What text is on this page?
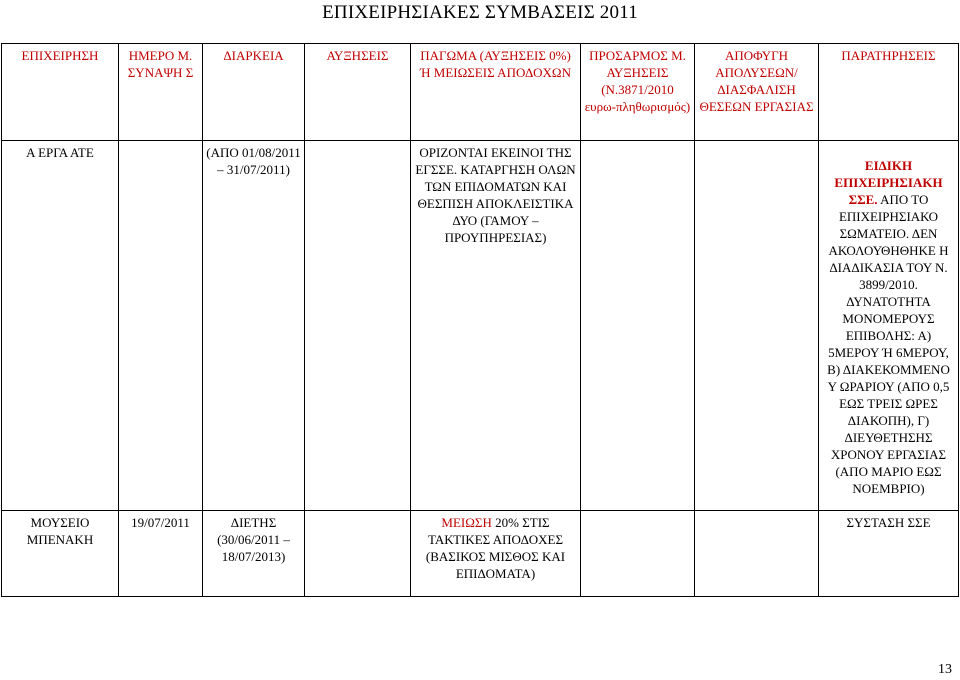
ΕΠΙΧΕΙΡΗΣΙΑΚΕΣ ΣΥΜΒΑΣΕΙΣ 2011
ΕΠΙΧΕΙΡΗΣΗ	ΗΜΕΡΟ Μ. ΣΥΝΑΨΗ Σ	ΔΙΑΡΚΕΙΑ	ΑΥΞΗΣΕΙΣ	ΠΑΓΩΜΑ (ΑΥΞΗΣΕΙΣ 0%) Ή ΜΕΙΩΣΕΙΣ ΑΠΟΔΟΧΩΝ	ΠΡΟΣΑΡΜΟΣ Μ. ΑΥΞΗΣΕΙΣ (Ν.3871/2010 ευρω-πληθωρισμός)	ΑΠΟΦΥΓΗ ΑΠΟΛΥΣΕΩΝ/ ΔΙΑΣΦΑΛΙΣΗ ΘΕΣΕΩΝ ΕΡΓΑΣΙΑΣ	ΠΑΡΑΤΗΡΗΣΕΙΣ
Α ΕΡΓΑ ΑΤΕ		(ΑΠΟ 01/08/2011 – 31/07/2011)		ΟΡΙΖΟΝΤΑΙ ΕΚΕΙΝΟΙ ΤΗΣ ΕΓΣΣΕ. ΚΑΤΑΡΓΗΣΗ ΟΛΩΝ ΤΩΝ ΕΠΙΔΟΜΑΤΩΝ ΚΑΙ ΘΕΣΠΙΣΗ ΑΠΟΚΛΕΙΣΤΙΚΑ ΔΥΟ (ΓΑΜΟΥ – ΠΡΟΥΠΗΡΕΣΙΑΣ)			ΕΙΔΙΚΗ ΕΠΙΧΕΙΡΗΣΙΑΚΗ ΣΣΕ. ΑΠΟ ΤΟ ΕΠΙΧΕΙΡΗΣΙΑΚΟ ΣΩΜΑΤΕΙΟ. ΔΕΝ ΑΚΟΛΟΥΘΗΘΗΚΕ Η ΔΙΑΔΙΚΑΣΙΑ ΤΟΥ Ν. 3899/2010. ΔΥΝΑΤΟΤΗΤΑ ΜΟΝΟΜΕΡΟΥΣ ΕΠΙΒΟΛΗΣ: Α) 5ΜΕΡΟΥ Ή 6ΜΕΡΟΥ, Β) ΔΙΑΚΕΚΟΜΜΕΝΟ Υ ΩΡΑΡΙΟΥ (ΑΠΟ 0,5 ΕΩΣ ΤΡΕΙΣ ΩΡΕΣ ΔΙΑΚΟΠΗ), Γ) ΔΙΕΥΘΕΤΗΣΗΣ ΧΡΟΝΟΥ ΕΡΓΑΣΙΑΣ (ΑΠΟ ΜΑΡΙΟ ΕΩΣ ΝΟΕΜΒΡΙΟ)
ΜΟΥΣΕΙΟ ΜΠΕΝΑΚΗ	19/07/2011	ΔΙΕΤΗΣ (30/06/2011 – 18/07/2013)		ΜΕΙΩΣΗ 20% ΣΤΙΣ ΤΑΚΤΙΚΕΣ ΑΠΟΔΟΧΕΣ (ΒΑΣΙΚΟΣ ΜΙΣΘΟΣ ΚΑΙ ΕΠΙΔΟΜΑΤΑ)			ΣΥΣΤΑΣΗ ΣΣΕ
13
